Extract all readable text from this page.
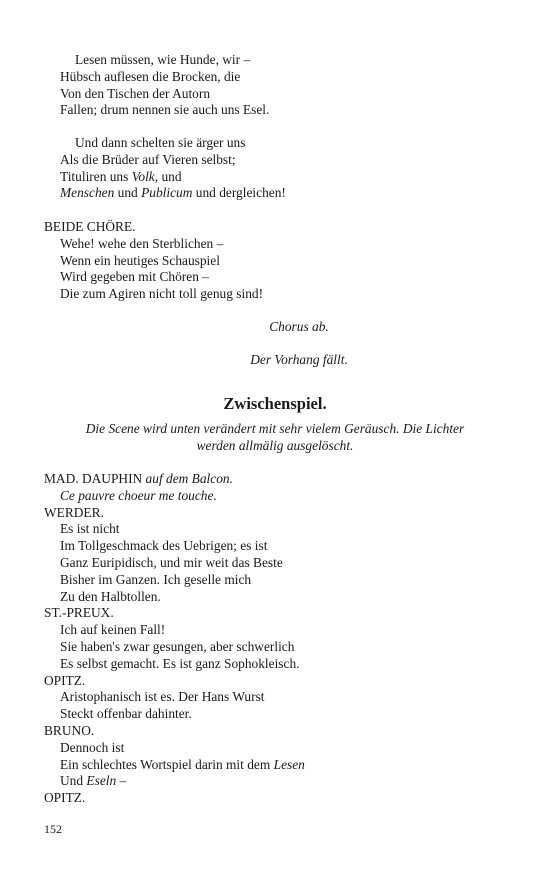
Lesen müssen, wie Hunde, wir –
Hübsch auflesen die Brocken, die
Von den Tischen der Autorn
Fallen; drum nennen sie auch uns Esel.
Und dann schelten sie ärger uns
Als die Brüder auf Vieren selbst;
Tituliren uns Volk, und
Menschen und Publicum und dergleichen!
BEIDE CHÖRE.
Wehe! wehe den Sterblichen –
Wenn ein heutiges Schauspiel
Wird gegeben mit Chören –
Die zum Agiren nicht toll genug sind!
Chorus ab.
Der Vorhang fällt.
Zwischenspiel.
Die Scene wird unten verändert mit sehr vielem Geräusch. Die Lichter
werden allmälig ausgelöscht.
MAD. DAUPHIN auf dem Balcon.
Ce pauvre choeur me touche.
WERDER.
Es ist nicht
Im Tollgeschmack des Uebrigen; es ist
Ganz Euripidisch, und mir weit das Beste
Bisher im Ganzen. Ich geselle mich
Zu den Halbtollen.
ST.-PREUX.
Ich auf keinen Fall!
Sie haben's zwar gesungen, aber schwerlich
Es selbst gemacht. Es ist ganz Sophokleisch.
OPITZ.
Aristophanisch ist es. Der Hans Wurst
Steckt offenbar dahinter.
BRUNO.
Dennoch ist
Ein schlechtes Wortspiel darin mit dem Lesen
Und Eseln –
OPITZ.
152
